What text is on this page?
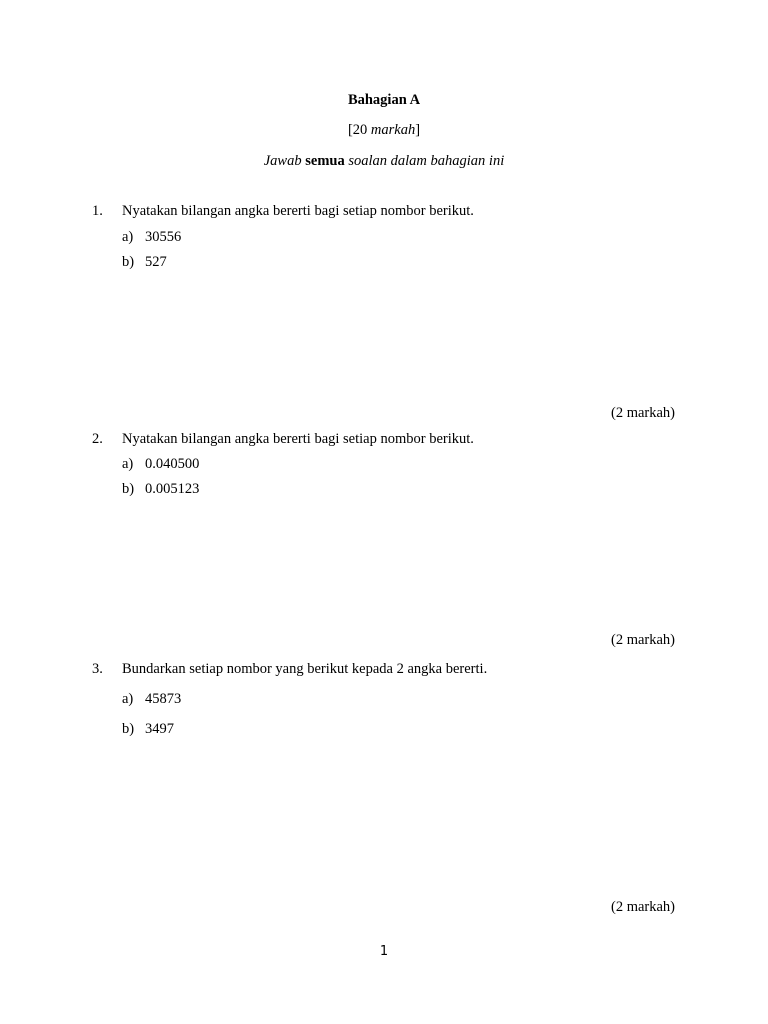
Bahagian A
[20 markah]
Jawab semua soalan dalam bahagian ini
1. Nyatakan bilangan angka bererti bagi setiap nombor berikut.
a) 30556
b) 527
(2 markah)
2. Nyatakan bilangan angka bererti bagi setiap nombor berikut.
a) 0.040500
b) 0.005123
(2 markah)
3. Bundarkan setiap nombor yang berikut kepada 2 angka bererti.
a) 45873
b) 3497
(2 markah)
1
